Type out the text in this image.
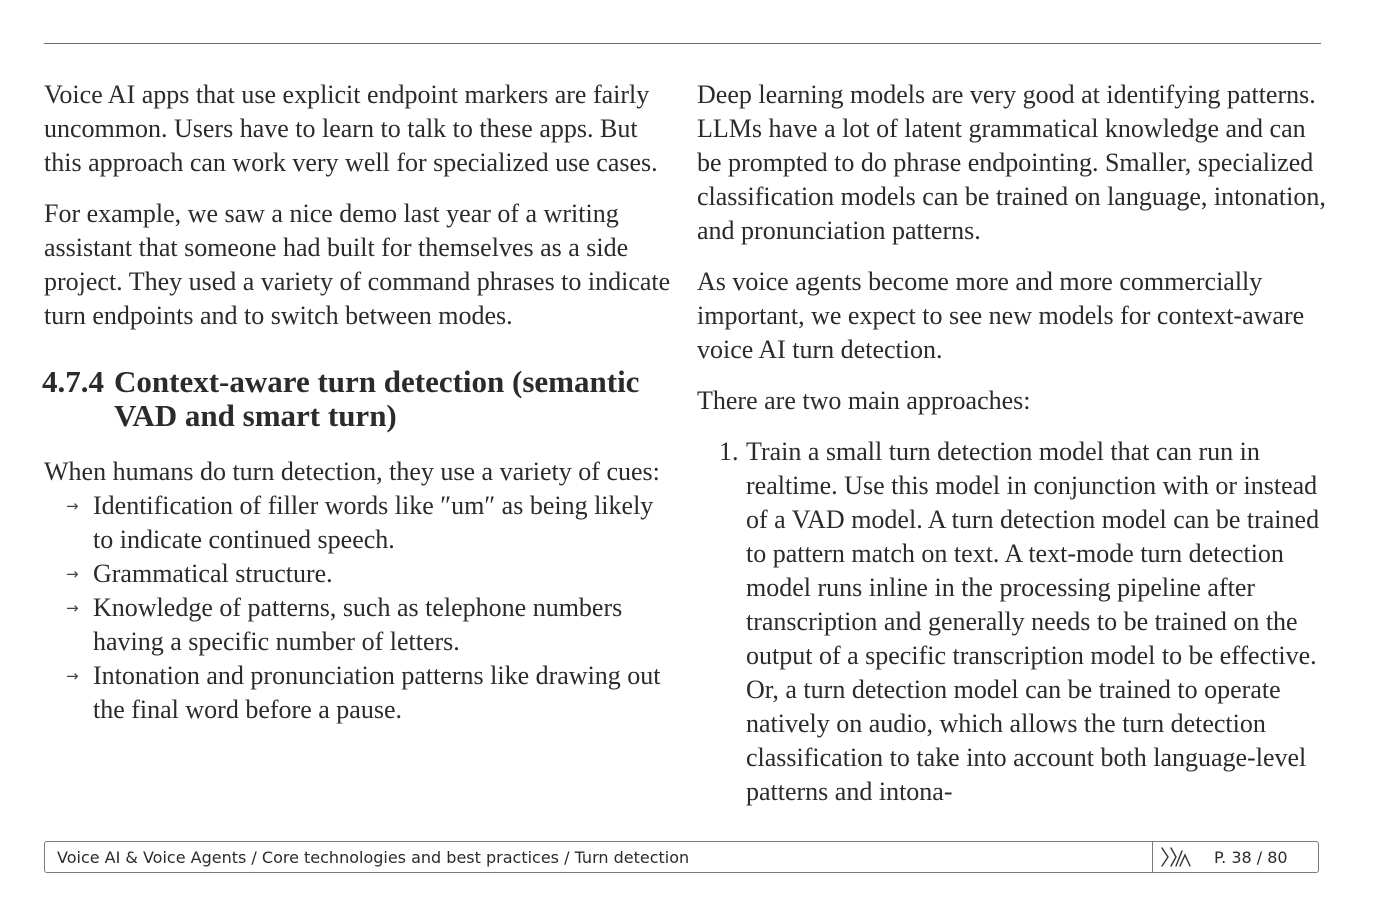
Voice AI apps that use explicit endpoint markers are fairly uncommon. Users have to learn to talk to these apps. But this approach can work very well for specialized use cases.

For example, we saw a nice demo last year of a writing assistant that someone had built for themselves as a side project. They used a variety of command phrases to indicate turn endpoints and to switch between modes.

4.7.4 Context-aware turn detection (semantic VAD and smart turn)

When humans do turn detection, they use a variety of cues:

→ Identification of filler words like ″um″ as being likely to indicate continued speech.
→ Grammatical structure.
→ Knowledge of patterns, such as telephone numbers having a specific number of letters.
→ Intonation and pronunciation patterns like drawing out the final word before a pause.

Deep learning models are very good at identifying patterns. LLMs have a lot of latent grammatical knowledge and can be prompted to do phrase endpointing. Smaller, specialized classification models can be trained on language, intonation, and pronunciation patterns.

As voice agents become more and more commercially important, we expect to see new models for context-aware voice AI turn detection.

There are two main approaches:

1. Train a small turn detection model that can run in realtime. Use this model in conjunction with or instead of a VAD model. A turn detection model can be trained to pattern match on text. A text-mode turn detection model runs inline in the processing pipeline after transcription and generally needs to be trained on the output of a specific transcription model to be effective. Or, a turn detection model can be trained to operate natively on audio, which allows the turn detection classification to take into account both language-level patterns and intona-
Voice AI & Voice Agents / Core technologies and best practices / Turn detection	P. 38 / 80
